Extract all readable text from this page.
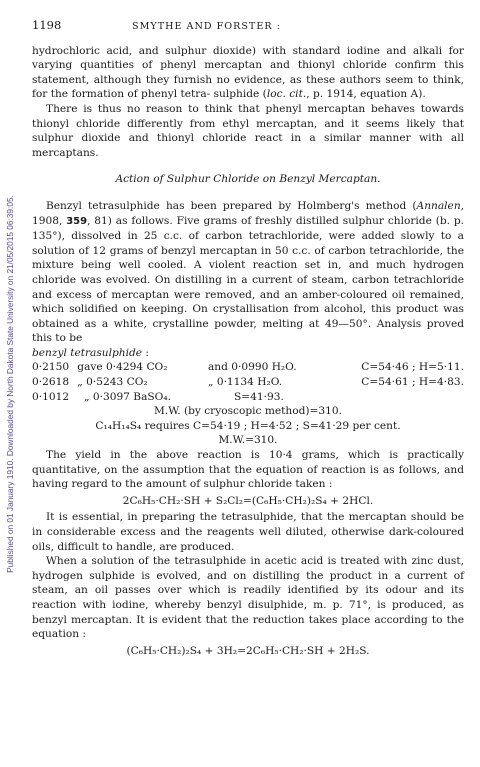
Published on 01 January 1910. Downloaded by North Dakota State University on 21/05/2015 06:39:05.
1198	SMYTHE AND FORSTER :

hydrochloric acid, and sulphur dioxide) with standard iodine and alkali for varying quantities of phenyl mercaptan and thionyl chloride confirm this statement, although they furnish no evidence, as these authors seem to think, for the formation of phenyl tetra- sulphide (loc. cit., p. 1914, equation A).

There is thus no reason to think that phenyl mercaptan behaves towards thionyl chloride differently from ethyl mercaptan, and it seems likely that sulphur dioxide and thionyl chloride react in a similar manner with all mercaptans.

Action of Sulphur Chloride on Benzyl Mercaptan.

Benzyl tetrasulphide has been prepared by Holmberg's method (Annalen, 1908, 359, 81) as follows. Five grams of freshly distilled sulphur chloride (b. p. 135°), dissolved in 25 c.c. of carbon tetrachloride, were added slowly to a solution of 12 grams of benzyl mercaptan in 50 c.c. of carbon tetrachloride, the mixture being well cooled. A violent reaction set in, and much hydrogen chloride was evolved. On distilling in a current of steam, carbon tetrachloride and excess of mercaptan were removed, and an amber-coloured oil remained, which solidified on keeping. On crystallisation from alcohol, this product was obtained as a white, crystalline powder, melting at 49—50°. Analysis proved this to be
benzyl tetrasulphide :

0·2150 gave 0·4294 CO₂	and 0·0990 H₂O.	C=54·46 ; H=5·11.
0·2618 „ 0·5243 CO₂	„ 0·1134 H₂O.	C=54·61 ; H=4·83.
0·1012	„ 0·3097 BaSO₄.	S=41·93.
M.W. (by cryoscopic method)=310.
C₁₄H₁₄S₄ requires C=54·19 ; H=4·52 ; S=41·29 per cent.
M.W.=310.

The yield in the above reaction is 10·4 grams, which is practically quantitative, on the assumption that the equation of reaction is as follows, and having regard to the amount of sulphur chloride taken :

2C₆H₅·CH₂·SH + S₂Cl₂=(C₆H₅·CH₂)₂S₄ + 2HCl.

It is essential, in preparing the tetrasulphide, that the mercaptan should be in considerable excess and the reagents well diluted, otherwise dark-coloured oils, difficult to handle, are produced.

When a solution of the tetrasulphide in acetic acid is treated with zinc dust, hydrogen sulphide is evolved, and on distilling the product in a current of steam, an oil passes over which is readily identified by its odour and its reaction with iodine, whereby benzyl disulphide, m. p. 71°, is produced, as benzyl mercaptan. It is evident that the reduction takes place according to the equation :

(C₆H₅·CH₂)₂S₄ + 3H₂=2C₆H₅·CH₂·SH + 2H₂S.
